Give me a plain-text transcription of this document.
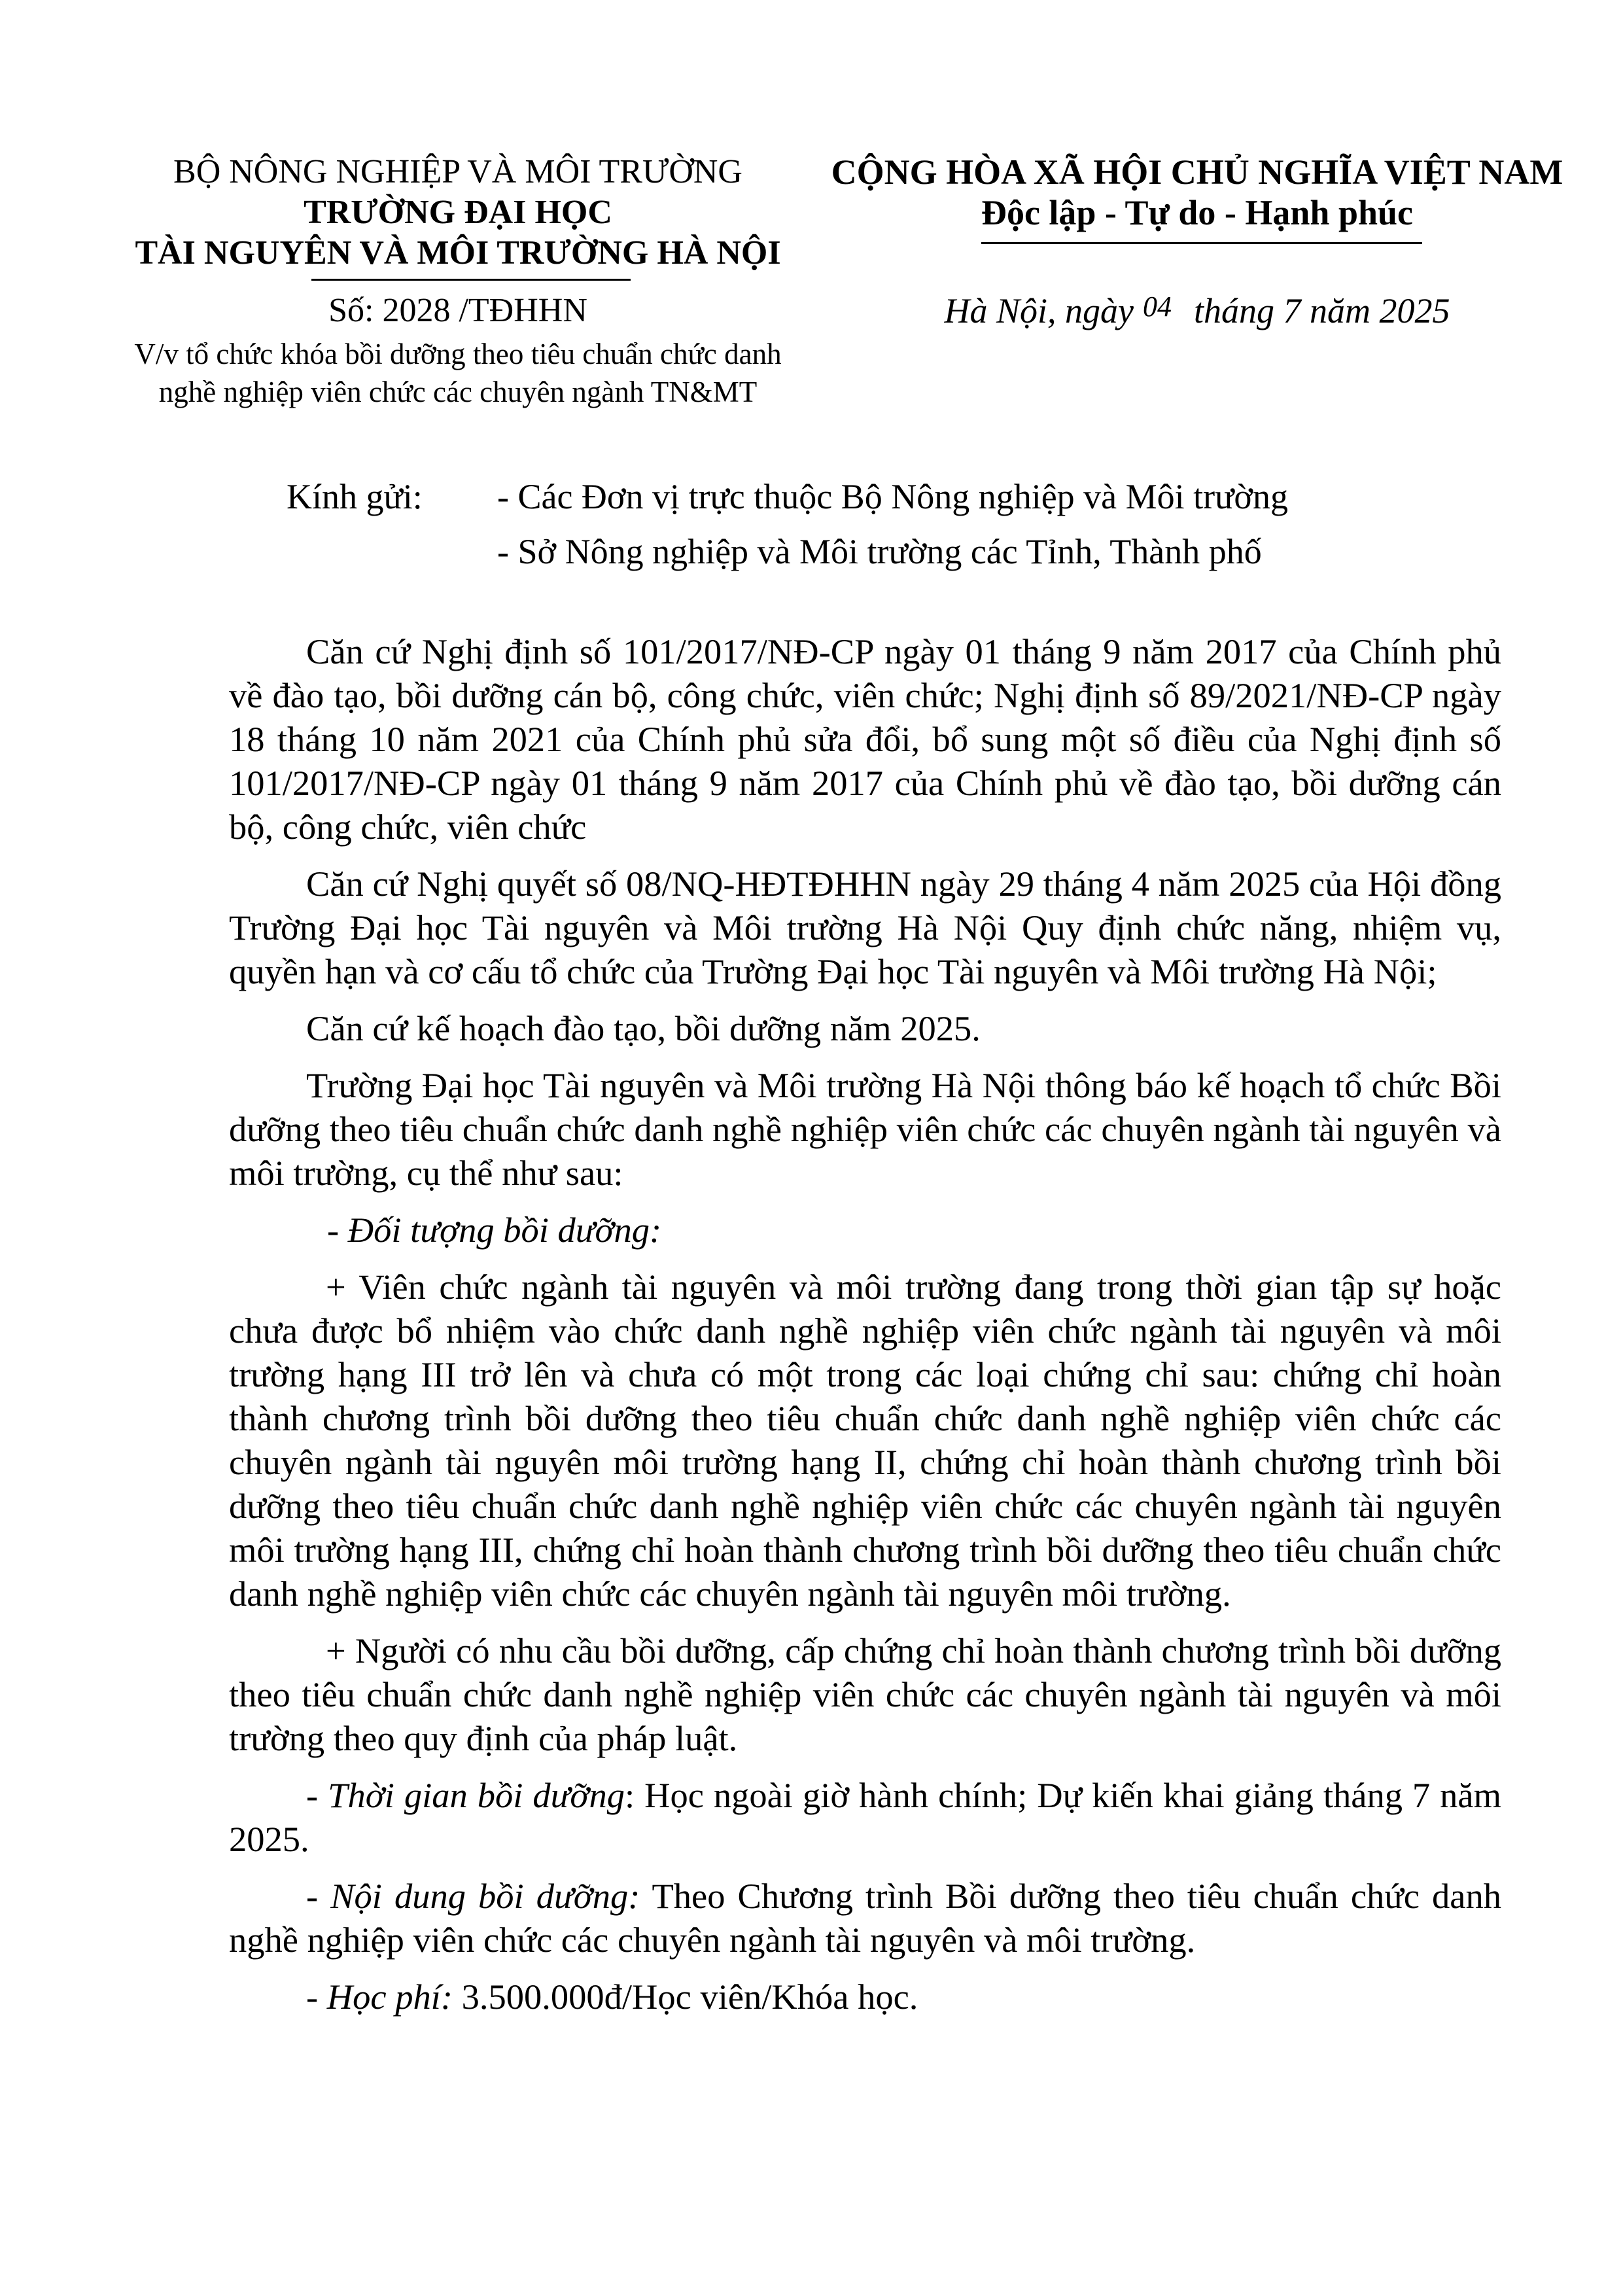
BỘ NÔNG NGHIỆP VÀ MÔI TRƯỜNG
TRƯỜNG ĐẠI HỌC
TÀI NGUYÊN VÀ MÔI TRƯỜNG HÀ NỘI
CỘNG HÒA XÃ HỘI CHỦ NGHĨA VIỆT NAM
Độc lập - Tự do - Hạnh phúc
Số: 2028 /TĐHHN	Hà Nội, ngày 04 tháng 7 năm 2025
V/v tổ chức khóa bồi dưỡng theo tiêu chuẩn chức danh
nghề nghiệp viên chức các chuyên ngành TN&MT
Kính gửi: - Các Đơn vị trực thuộc Bộ Nông nghiệp và Môi trường
- Sở Nông nghiệp và Môi trường các Tỉnh, Thành phố

Căn cứ Nghị định số 101/2017/NĐ-CP ngày 01 tháng 9 năm 2017 của Chính phủ về đào tạo, bồi dưỡng cán bộ, công chức, viên chức; Nghị định số 89/2021/NĐ-CP ngày 18 tháng 10 năm 2021 của Chính phủ sửa đổi, bổ sung một số điều của Nghị định số 101/2017/NĐ-CP ngày 01 tháng 9 năm 2017 của Chính phủ về đào tạo, bồi dưỡng cán bộ, công chức, viên chức

Căn cứ Nghị quyết số 08/NQ-HĐTĐHHN ngày 29 tháng 4 năm 2025 của Hội đồng Trường Đại học Tài nguyên và Môi trường Hà Nội Quy định chức năng, nhiệm vụ, quyền hạn và cơ cấu tổ chức của Trường Đại học Tài nguyên và Môi trường Hà Nội;

Căn cứ kế hoạch đào tạo, bồi dưỡng năm 2025.

Trường Đại học Tài nguyên và Môi trường Hà Nội thông báo kế hoạch tổ chức Bồi dưỡng theo tiêu chuẩn chức danh nghề nghiệp viên chức các chuyên ngành tài nguyên và môi trường, cụ thể như sau:

- Đối tượng bồi dưỡng:

+ Viên chức ngành tài nguyên và môi trường đang trong thời gian tập sự hoặc chưa được bổ nhiệm vào chức danh nghề nghiệp viên chức ngành tài nguyên và môi trường hạng III trở lên và chưa có một trong các loại chứng chỉ sau: chứng chỉ hoàn thành chương trình bồi dưỡng theo tiêu chuẩn chức danh nghề nghiệp viên chức các chuyên ngành tài nguyên môi trường hạng II, chứng chỉ hoàn thành chương trình bồi dưỡng theo tiêu chuẩn chức danh nghề nghiệp viên chức các chuyên ngành tài nguyên môi trường hạng III, chứng chỉ hoàn thành chương trình bồi dưỡng theo tiêu chuẩn chức danh nghề nghiệp viên chức các chuyên ngành tài nguyên môi trường.

+ Người có nhu cầu bồi dưỡng, cấp chứng chỉ hoàn thành chương trình bồi dưỡng theo tiêu chuẩn chức danh nghề nghiệp viên chức các chuyên ngành tài nguyên và môi trường theo quy định của pháp luật.

- Thời gian bồi dưỡng: Học ngoài giờ hành chính; Dự kiến khai giảng tháng 7 năm 2025.

- Nội dung bồi dưỡng: Theo Chương trình Bồi dưỡng theo tiêu chuẩn chức danh nghề nghiệp viên chức các chuyên ngành tài nguyên và môi trường.

- Học phí: 3.500.000đ/Học viên/Khóa học.
